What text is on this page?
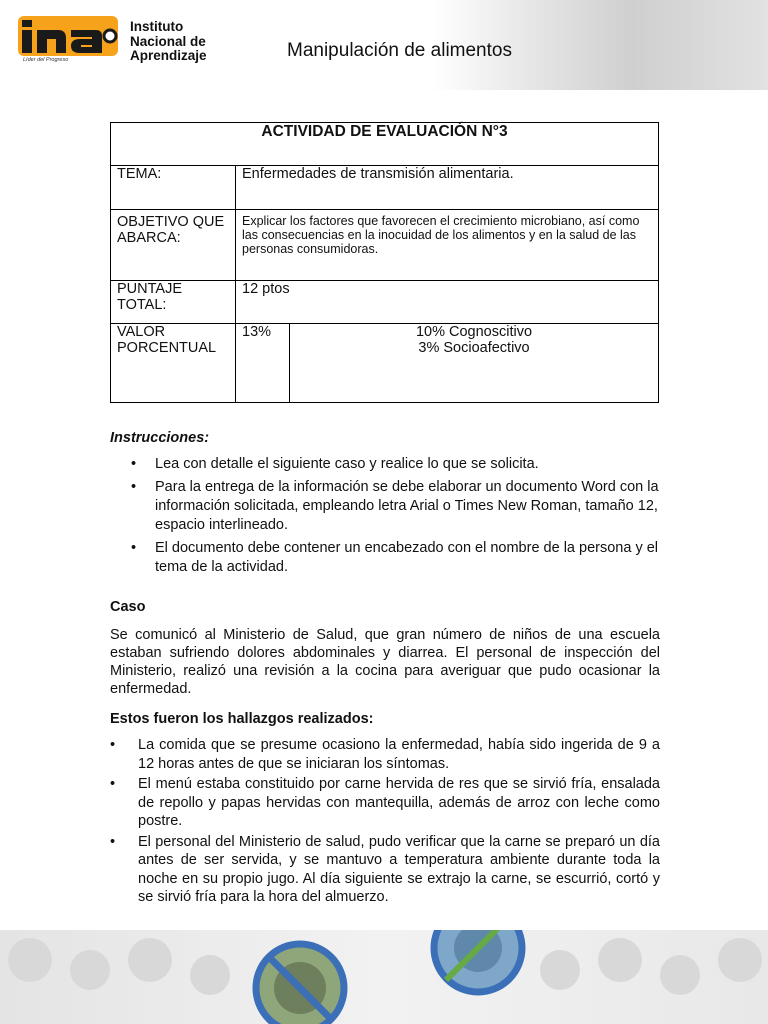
Líder del Progreso
Instituto
Nacional de
Aprendizaje	Manipulación de alimentos
ACTIVIDAD DE EVALUACIÓN N°3		
TEMA:	Enfermedades de transmisión alimentaria.	
OBJETIVO QUE ABARCA:	Explicar los factores que favorecen el crecimiento microbiano, así como las consecuencias en la inocuidad de los alimentos y en la salud de las personas consumidoras.	
PUNTAJE TOTAL:	12 ptos	
VALOR PORCENTUAL	13%	10% Cognoscitivo
3% Socioafectivo
Instrucciones:
• Lea con detalle el siguiente caso y realice lo que se solicita.
• Para la entrega de la información se debe elaborar un documento Word con la información solicitada, empleando letra Arial o Times New Roman, tamaño 12, espacio interlineado.
• El documento debe contener un encabezado con el nombre de la persona y el tema de la actividad.
Caso
Se comunicó al Ministerio de Salud, que gran número de niños de una escuela estaban sufriendo dolores abdominales y diarrea. El personal de inspección del Ministerio, realizó una revisión a la cocina para averiguar que pudo ocasionar la enfermedad.
Estos fueron los hallazgos realizados:
• La comida que se presume ocasiono la enfermedad, había sido ingerida de 9 a 12 horas antes de que se iniciaran los síntomas.
• El menú estaba constituido por carne hervida de res que se sirvió fría, ensalada de repollo y papas hervidas con mantequilla, además de arroz con leche como postre.
• El personal del Ministerio de salud, pudo verificar que la carne se preparó un día antes de ser servida, y se mantuvo a temperatura ambiente durante toda la noche en su propio jugo. Al día siguiente se extrajo la carne, se escurrió, cortó y se sirvió fría para la hora del almuerzo.
